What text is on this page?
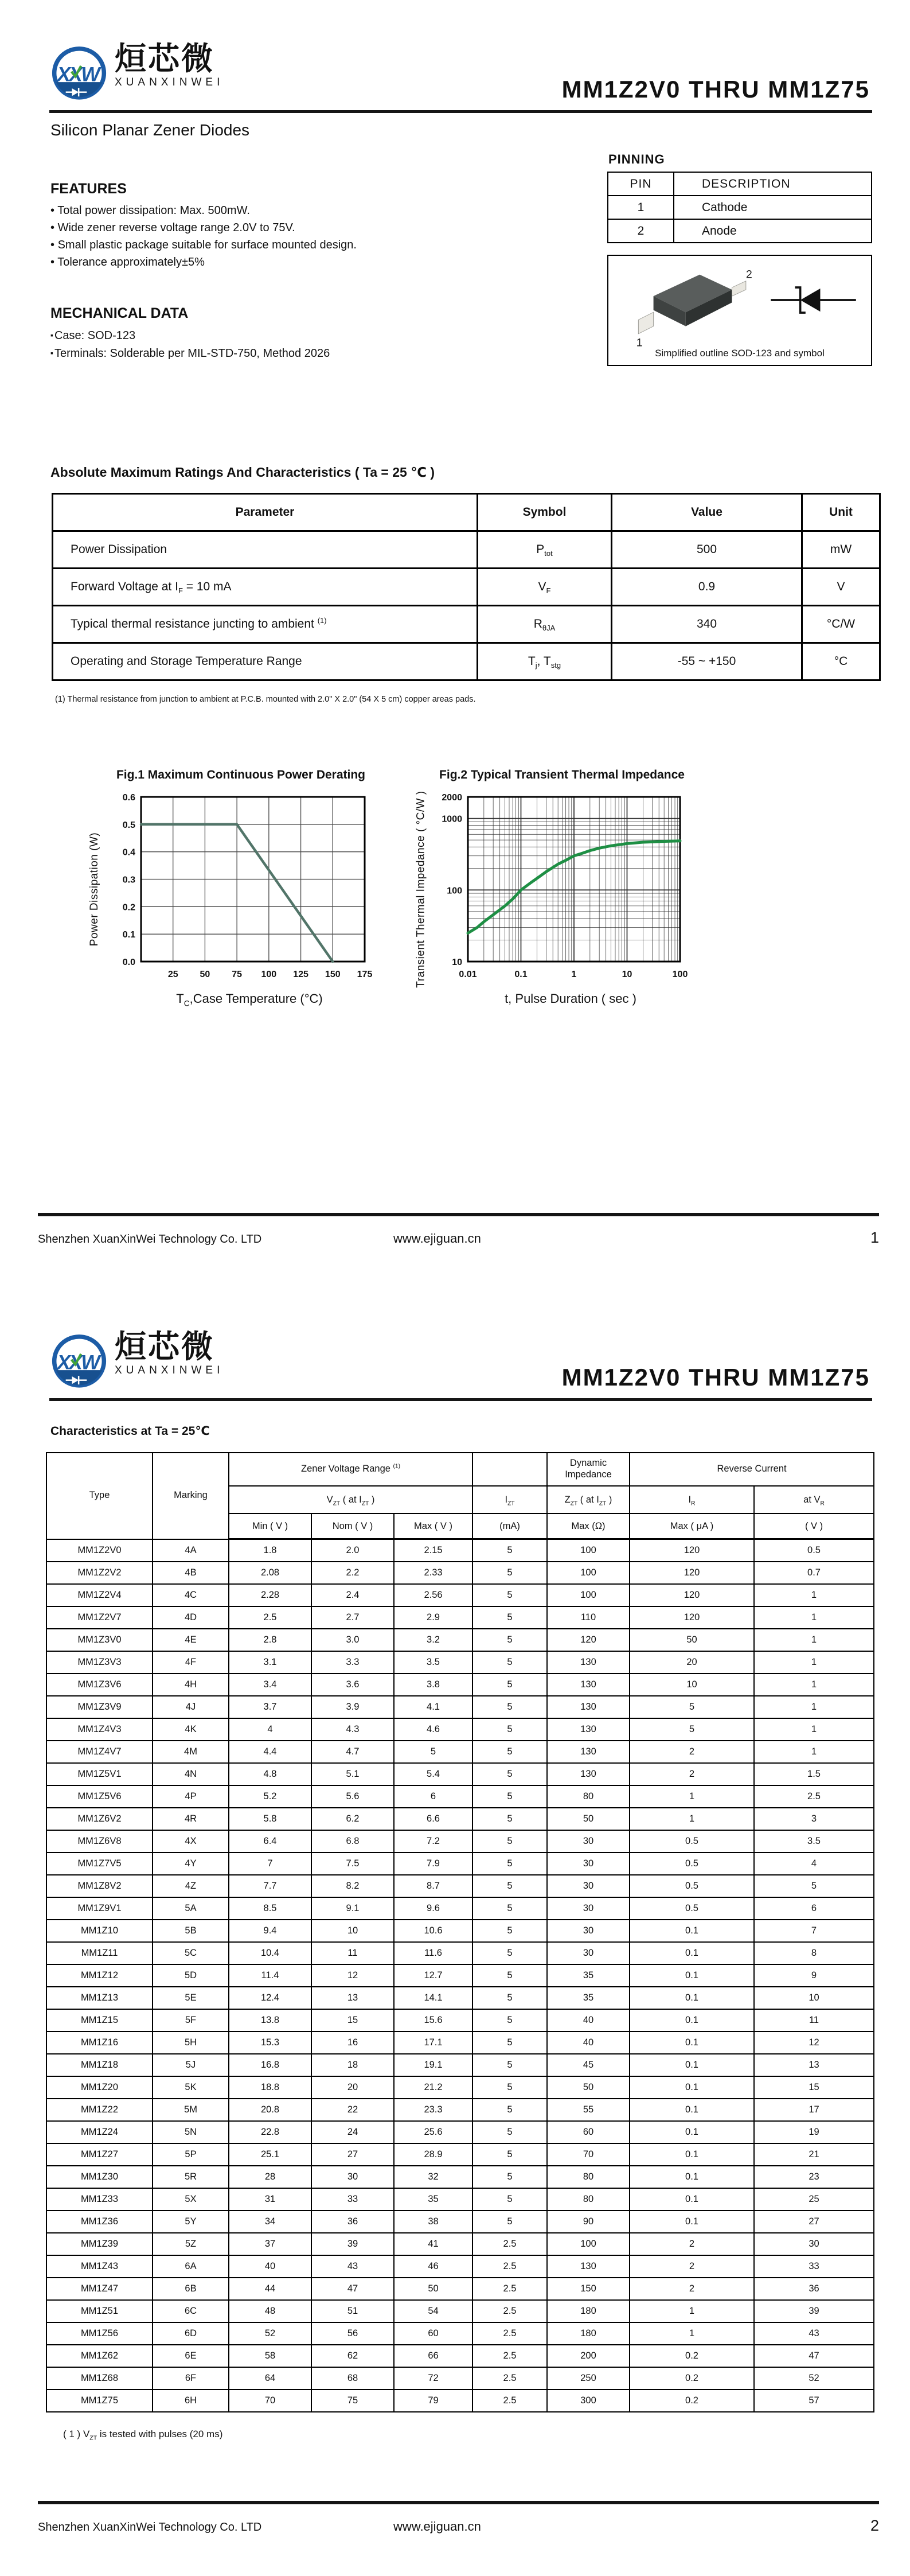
XXW 烜芯微
XUANXINWEI	MM1Z2V0 THRU MM1Z75
Silicon Planar Zener Diodes
FEATURES
• Total power dissipation: Max. 500mW.
• Wide zener reverse voltage range 2.0V to 75V.
• Small plastic package suitable for surface mounted design.
• Tolerance approximately±5%
MECHANICAL DATA
▪ Case: SOD-123
▪ Terminals: Solderable per MIL-STD-750, Method 2026
PINNING
PIN	DESCRIPTION
1	Cathode
2	Anode
2
1
Simplified outline SOD-123 and symbol
Absolute Maximum Ratings And Characteristics ( Ta = 25 ℃ )
Parameter	Symbol	Value	Unit
Power Dissipation	$P_{tot}$	500	mW
Forward Voltage at $I_F = 10$ mA	$V_F$	0.9	V
Typical thermal resistance juncting to ambient $^{(1)}$	$R_{\theta JA}$	340	°C/W
Operating and Storage Temperature Range	$T_j$, $T_{stg}$	-55 ~ +150	°C
(1) Thermal resistance from junction to ambient at P.C.B. mounted with 2.0" X 2.0" (54 X 5 cm) copper areas pads.
Fig.1 Maximum Continuous Power Derating
Power Dissipation (W)
25 50 75 100 125 150 175
0.0
0.1
0.2
0.3
0.4
0.5
0.6
$T_C,Case$ Temperature (°C)
Fig.2 Typical Transient Thermal Impedance
Transient Thermal Impedance ( °C/W )	0.01	0.1	1	10	100
10
100
1000
2000
t, Pulse Duration ( sec )
Shenzhen XuanXinWei Technology Co. LTD	www.ejiguan.cn	1
XXW 烜芯微
XUANXINWEI	MM1Z2V0 THRU MM1Z75
Characteristics at Ta = 25℃
Type	Marking	Zener Voltage Range $^{(1)}$				Dynamic Impedance	Reverse Current	
		$V_{ZT}$ ( at $I_{ZT}$ )			$I_{ZT}$	$Z_{ZT}$ ( at $I_{ZT}$ )	$I_R$	at $V_R$
		Min ( V )	Nom ( V )	Max ( V )	(mA)	Max (Ω)	Max ( μA )	( V )
MM1Z2V0	4A	1.8	2.0	2.15	5	100	120	0.5
MM1Z2V2	4B	2.08	2.2	2.33	5	100	120	0.7
MM1Z2V4	4C	2.28	2.4	2.56	5	100	120	1
MM1Z2V7	4D	2.5	2.7	2.9	5	110	120	1
MM1Z3V0	4E	2.8	3.0	3.2	5	120	50	1
MM1Z3V3	4F	3.1	3.3	3.5	5	130	20	1
MM1Z3V6	4H	3.4	3.6	3.8	5	130	10	1
MM1Z3V9	4J	3.7	3.9	4.1	5	130	5	1
MM1Z4V3	4K	4	4.3	4.6	5	130	5	1
MM1Z4V7	4M	4.4	4.7	5	5	130	2	1
MM1Z5V1	4N	4.8	5.1	5.4	5	130	2	1.5
MM1Z5V6	4P	5.2	5.6	6	5	80	1	2.5
MM1Z6V2	4R	5.8	6.2	6.6	5	50	1	3
MM1Z6V8	4X	6.4	6.8	7.2	5	30	0.5	3.5
MM1Z7V5	4Y	7	7.5	7.9	5	30	0.5	4
MM1Z8V2	4Z	7.7	8.2	8.7	5	30	0.5	5
MM1Z9V1	5A	8.5	9.1	9.6	5	30	0.5	6
MM1Z10	5B	9.4	10	10.6	5	30	0.1	7
MM1Z11	5C	10.4	11	11.6	5	30	0.1	8
MM1Z12	5D	11.4	12	12.7	5	35	0.1	9
MM1Z13	5E	12.4	13	14.1	5	35	0.1	10
MM1Z15	5F	13.8	15	15.6	5	40	0.1	11
MM1Z16	5H	15.3	16	17.1	5	40	0.1	12
MM1Z18	5J	16.8	18	19.1	5	45	0.1	13
MM1Z20	5K	18.8	20	21.2	5	50	0.1	15
MM1Z22	5M	20.8	22	23.3	5	55	0.1	17
MM1Z24	5N	22.8	24	25.6	5	60	0.1	19
MM1Z27	5P	25.1	27	28.9	5	70	0.1	21
MM1Z30	5R	28	30	32	5	80	0.1	23
MM1Z33	5X	31	33	35	5	80	0.1	25
MM1Z36	5Y	34	36	38	5	90	0.1	27
MM1Z39	5Z	37	39	41	2.5	100	2	30
MM1Z43	6A	40	43	46	2.5	130	2	33
MM1Z47	6B	44	47	50	2.5	150	2	36
MM1Z51	6C	48	51	54	2.5	180	1	39
MM1Z56	6D	52	56	60	2.5	180	1	43
MM1Z62	6E	58	62	66	2.5	200	0.2	47
MM1Z68	6F	64	68	72	2.5	250	0.2	52
MM1Z75	6H	70	75	79	2.5	300	0.2	57
( 1 ) $V_{ZT}$ is tested with pulses (20 ms)
Shenzhen XuanXinWei Technology Co. LTD	www.ejiguan.cn	2
